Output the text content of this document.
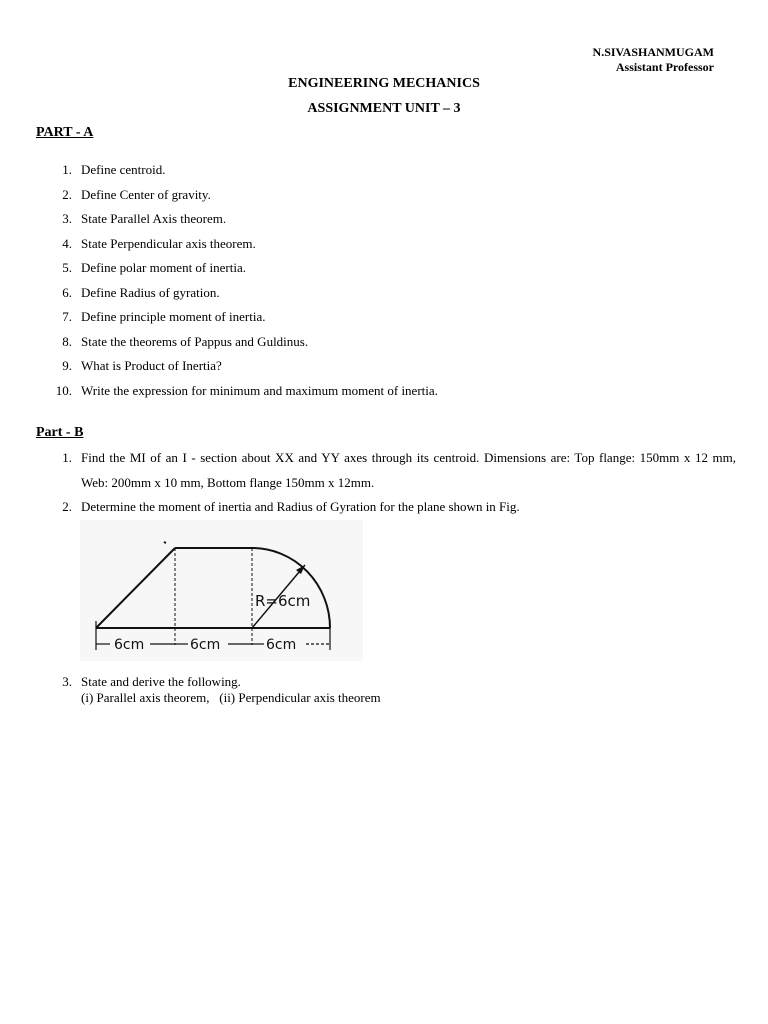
N.SIVASHANMUGAM
Assistant Professor
ENGINEERING MECHANICS
ASSIGNMENT UNIT – 3
PART - A
1. Define centroid.
2. Define Center of gravity.
3. State Parallel Axis theorem.
4. State Perpendicular axis theorem.
5. Define polar moment of inertia.
6. Define Radius of gyration.
7. Define principle moment of inertia.
8. State the theorems of Pappus and Guldinus.
9. What is Product of Inertia?
10. Write the expression for minimum and maximum moment of inertia.
Part - B
1. Find the MI of an I - section about XX and YY axes through its centroid. Dimensions are: Top flange: 150mm x 12 mm, Web: 200mm x 10 mm, Bottom flange 150mm x 12mm.
2. Determine the moment of inertia and Radius of Gyration for the plane shown in Fig.
R=6cm
6cm	6cm	6cm
3. State and derive the following.
(i) Parallel axis theorem,   (ii) Perpendicular axis theorem
